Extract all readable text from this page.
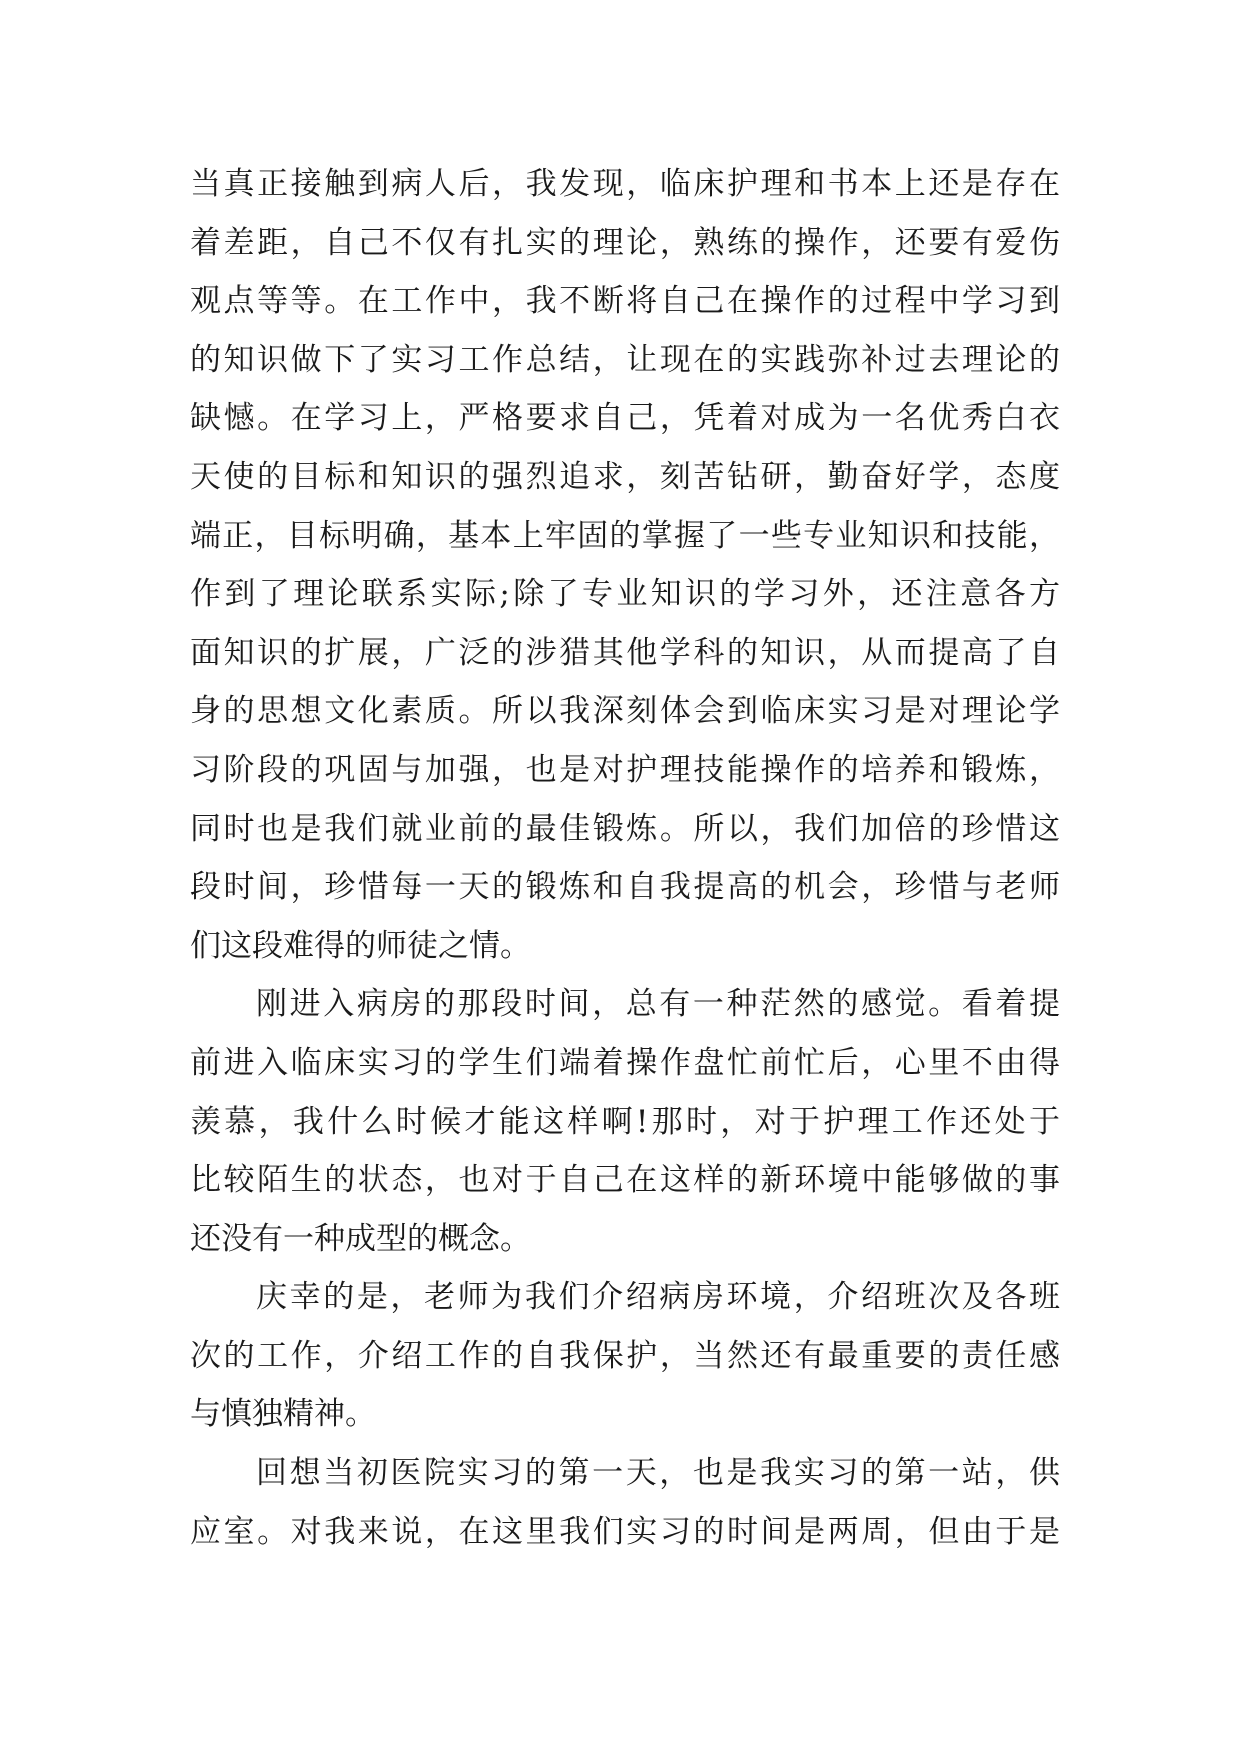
当真正接触到病人后，我发现，临床护理和书本上还是存在
着差距，自己不仅有扎实的理论，熟练的操作，还要有爱伤
观点等等。在工作中，我不断将自己在操作的过程中学习到
的知识做下了实习工作总结，让现在的实践弥补过去理论的
缺憾。在学习上，严格要求自己，凭着对成为一名优秀白衣
天使的目标和知识的强烈追求，刻苦钻研，勤奋好学，态度
端正，目标明确，基本上牢固的掌握了一些专业知识和技能，
作到了理论联系实际;除了专业知识的学习外，还注意各方
面知识的扩展，广泛的涉猎其他学科的知识，从而提高了自
身的思想文化素质。所以我深刻体会到临床实习是对理论学
习阶段的巩固与加强，也是对护理技能操作的培养和锻炼，
同时也是我们就业前的最佳锻炼。所以，我们加倍的珍惜这
段时间，珍惜每一天的锻炼和自我提高的机会，珍惜与老师
们这段难得的师徒之情。
刚进入病房的那段时间，总有一种茫然的感觉。看着提
前进入临床实习的学生们端着操作盘忙前忙后，心里不由得
羡慕，我什么时候才能这样啊!那时，对于护理工作还处于
比较陌生的状态，也对于自己在这样的新环境中能够做的事
还没有一种成型的概念。
庆幸的是，老师为我们介绍病房环境，介绍班次及各班
次的工作，介绍工作的自我保护，当然还有最重要的责任感
与慎独精神。
回想当初医院实习的第一天，也是我实习的第一站，供
应室。对我来说，在这里我们实习的时间是两周，但由于是
